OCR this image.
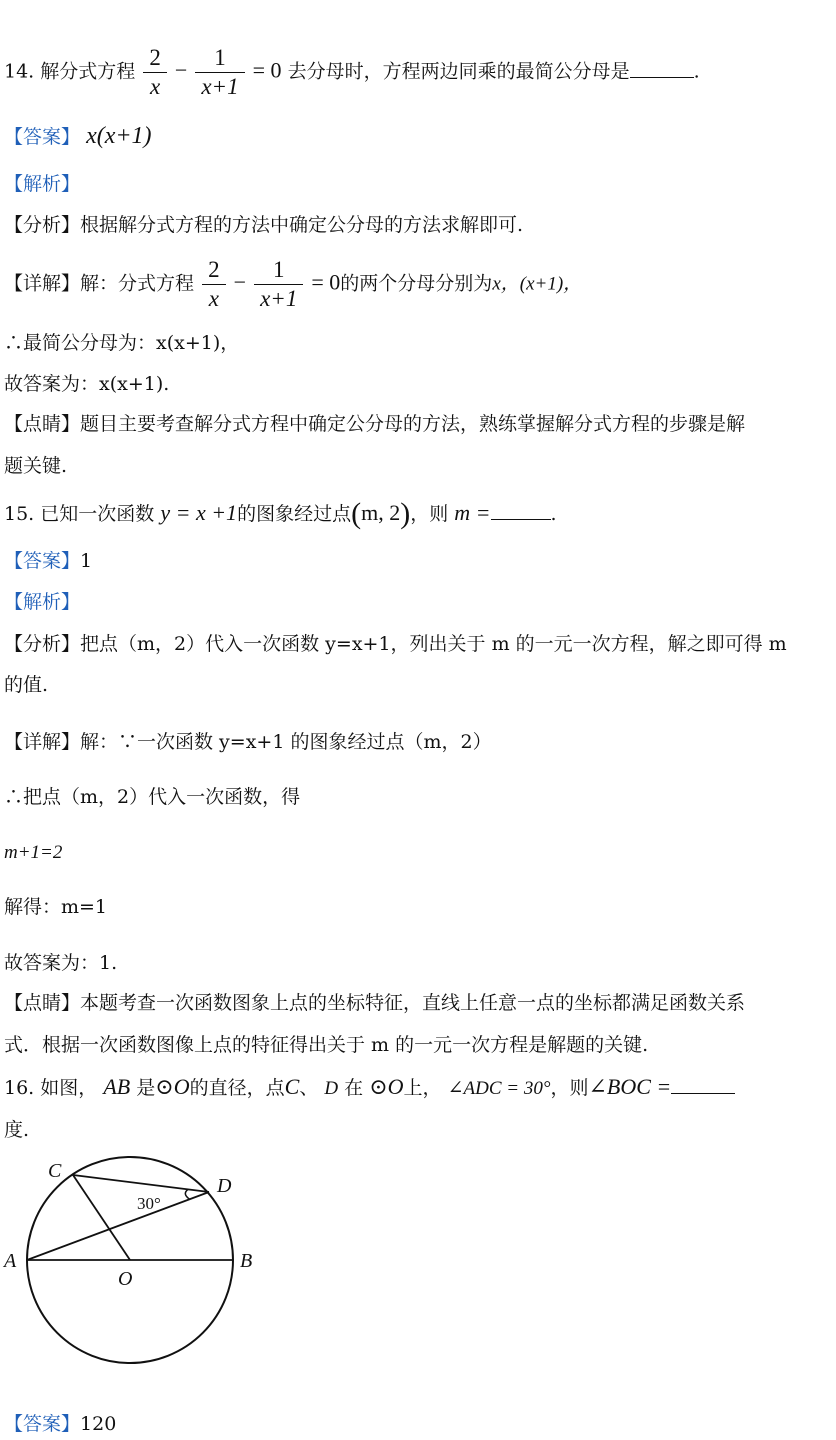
14. 解分式方程 $\frac{2}{x} - \frac{1}{x+1} = 0$ 去分母时，方程两边同乘的最简公分母是	.
【答案】 x(x+1)
【解析】
【分析】根据解分式方程的方法中确定公分母的方法求解即可.
【详解】解：分式方程 $\frac{2}{x} - \frac{1}{x+1} = 0$的两个分母分别为x，(x+1)，
∴最简公分母为：x(x+1)，
故答案为：x(x+1).
【点睛】题目主要考查解分式方程中确定公分母的方法，熟练掌握解分式方程的步骤是解
题关键.
15. 已知一次函数 y = x +1的图象经过点(m, 2)，则 m =	.
【答案】1
【解析】
【分析】把点（m，2）代入一次函数 y=x+1，列出关于 m 的一元一次方程，解之即可得 m
的值.
【详解】解：∵一次函数 y=x+1 的图象经过点（m，2）
∴把点（m，2）代入一次函数，得
m+1=2
解得：m=1
故答案为：1.
【点睛】本题考查一次函数图象上点的坐标特征，直线上任意一点的坐标都满足函数关系
式．根据一次函数图像上点的特征得出关于 m 的一元一次方程是解题的关键.
16. 如图， AB 是⊙O的直径，点C、 D 在 ⊙O上， ∠ADC = 30°，则∠BOC =
度.
30°
C
D
A	B
O
【答案】120
